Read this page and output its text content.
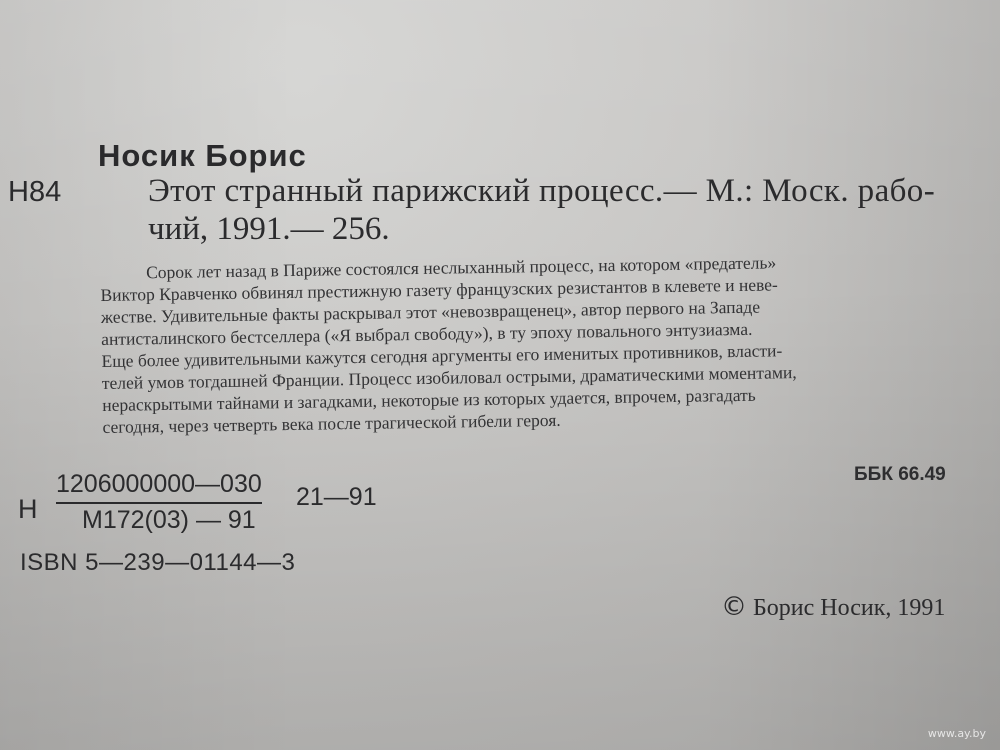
Носик Борис
Н84	Этот странный парижский процесс.— М.: Моск. рабо-
чий, 1991.— 256.
Сорок лет назад в Париже состоялся неслыханный процесс, на котором «предатель»
Виктор Кравченко обвинял престижную газету французских резистантов в клевете и неве-
жестве. Удивительные факты раскрывал этот «невозвращенец», автор первого на Западе
антисталинского бестселлера («Я выбрал свободу»), в ту эпоху повального энтузиазма.
Еще более удивительными кажутся сегодня аргументы его именитых противников, власти-
телей умов тогдашней Франции. Процесс изобиловал острыми, драматическими моментами,
нераскрытыми тайнами и загадками, некоторые из которых удается, впрочем, разгадать
сегодня, через четверть века после трагической гибели героя.
ББК 66.49
Н
1206000000—030
М172(03) — 91
21—91
ISBN 5—239—01144—3
© Борис Носик, 1991
www.ay.by
